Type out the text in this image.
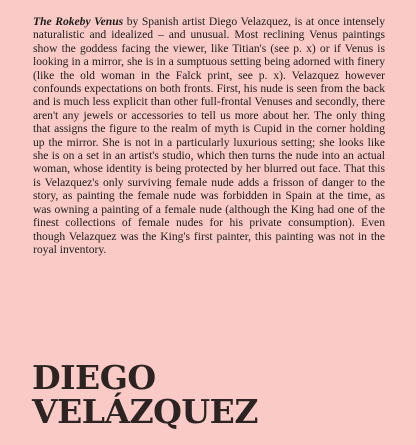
The Rokeby Venus by Spanish artist Diego Velazquez, is at once intensely naturalistic and idealized – and unusual. Most reclining Venus paintings show the goddess facing the viewer, like Titian's (see p. x) or if Venus is looking in a mirror, she is in a sumptuous setting being adorned with finery (like the old woman in the Falck print, see p. x). Velazquez however confounds expectations on both fronts. First, his nude is seen from the back and is much less explicit than other full-frontal Venuses and secondly, there aren't any jewels or accessories to tell us more about her. The only thing that assigns the figure to the realm of myth is Cupid in the corner holding up the mirror. She is not in a particularly luxurious setting; she looks like she is on a set in an artist's studio, which then turns the nude into an actual woman, whose identity is being protected by her blurred out face. That this is Velazquez's only surviving female nude adds a frisson of danger to the story, as painting the female nude was forbidden in Spain at the time, as was owning a painting of a female nude (although the King had one of the finest collections of female nudes for his private consumption). Even though Velazquez was the King's first painter, this painting was not in the royal inventory.

DIEGO
VELÁZQUEZ
